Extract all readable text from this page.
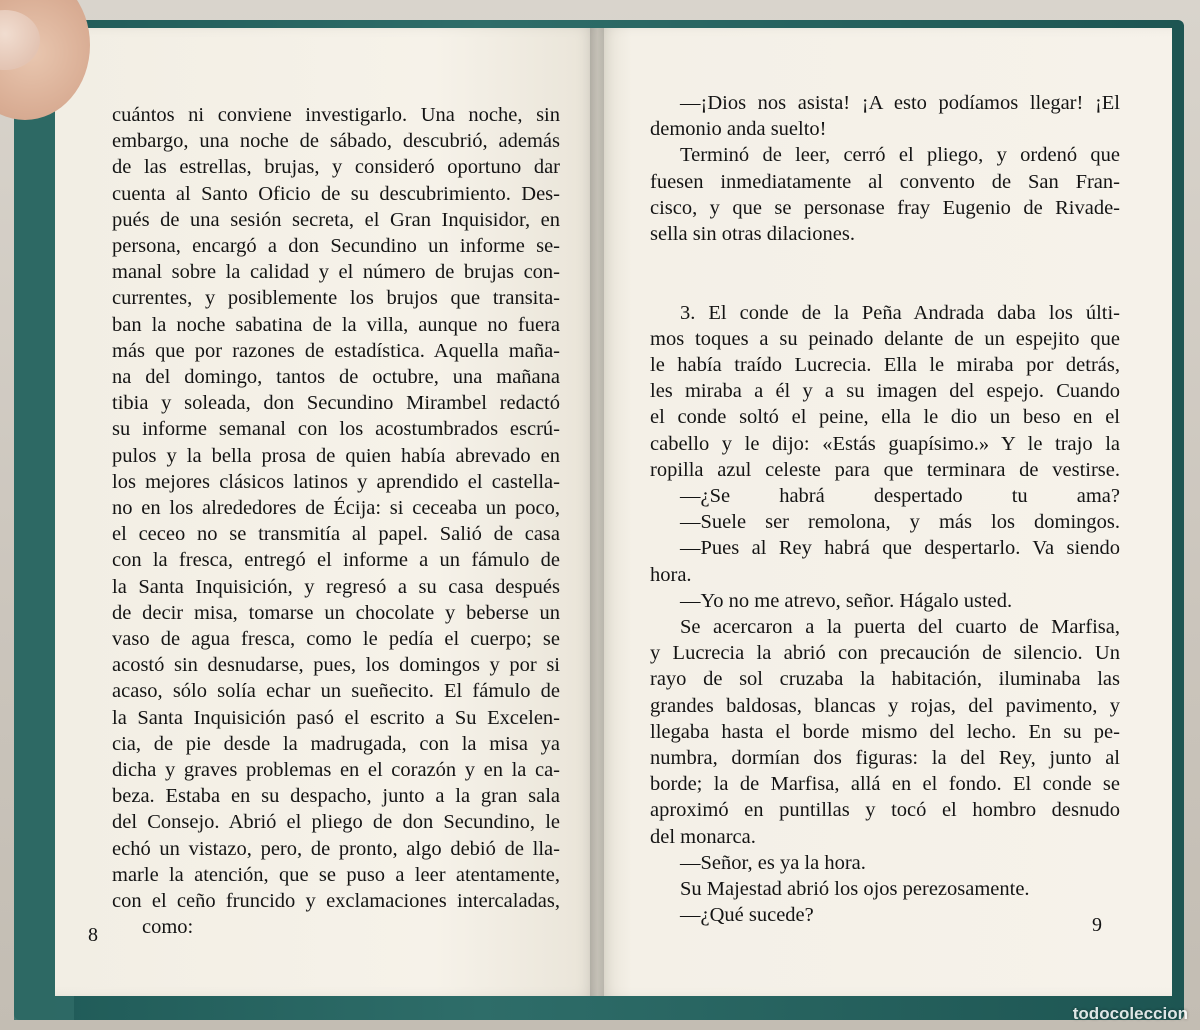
cuántos ni conviene investigarlo. Una noche, sin
embargo, una noche de sábado, descubrió, además
de las estrellas, brujas, y consideró oportuno dar
cuenta al Santo Oficio de su descubrimiento. Des-
pués de una sesión secreta, el Gran Inquisidor, en
persona, encargó a don Secundino un informe se-
manal sobre la calidad y el número de brujas con-
currentes, y posiblemente los brujos que transita-
ban la noche sabatina de la villa, aunque no fuera
más que por razones de estadística. Aquella maña-
na del domingo, tantos de octubre, una mañana
tibia y soleada, don Secundino Mirambel redactó
su informe semanal con los acostumbrados escrú-
pulos y la bella prosa de quien había abrevado en
los mejores clásicos latinos y aprendido el castella-
no en los alrededores de Écija: si ceceaba un poco,
el ceceo no se transmitía al papel. Salió de casa
con la fresca, entregó el informe a un fámulo de
la Santa Inquisición, y regresó a su casa después
de decir misa, tomarse un chocolate y beberse un
vaso de agua fresca, como le pedía el cuerpo; se
acostó sin desnudarse, pues, los domingos y por si
acaso, sólo solía echar un sueñecito. El fámulo de
la Santa Inquisición pasó el escrito a Su Excelen-
cia, de pie desde la madrugada, con la misa ya
dicha y graves problemas en el corazón y en la ca-
beza. Estaba en su despacho, junto a la gran sala
del Consejo. Abrió el pliego de don Secundino, le
echó un vistazo, pero, de pronto, algo debió de lla-
marle la atención, que se puso a leer atentamente,
con el ceño fruncido y exclamaciones intercaladas,
como:
—¡Dios nos asista! ¡A esto podíamos llegar! ¡El
demonio anda suelto!
Terminó de leer, cerró el pliego, y ordenó que
fuesen inmediatamente al convento de San Fran-
cisco, y que se personase fray Eugenio de Rivade-
sella sin otras dilaciones.

3. El conde de la Peña Andrada daba los últi-
mos toques a su peinado delante de un espejito que
le había traído Lucrecia. Ella le miraba por detrás,
les miraba a él y a su imagen del espejo. Cuando
el conde soltó el peine, ella le dio un beso en el
cabello y le dijo: «Estás guapísimo.» Y le trajo la
ropilla azul celeste para que terminara de vestirse.
—¿Se habrá despertado tu ama?
—Suele ser remolona, y más los domingos.
—Pues al Rey habrá que despertarlo. Va siendo
hora.
—Yo no me atrevo, señor. Hágalo usted.
Se acercaron a la puerta del cuarto de Marfisa,
y Lucrecia la abrió con precaución de silencio. Un
rayo de sol cruzaba la habitación, iluminaba las
grandes baldosas, blancas y rojas, del pavimento, y
llegaba hasta el borde mismo del lecho. En su pe-
numbra, dormían dos figuras: la del Rey, junto al
borde; la de Marfisa, allá en el fondo. El conde se
aproximó en puntillas y tocó el hombro desnudo
del monarca.
—Señor, es ya la hora.
Su Majestad abrió los ojos perezosamente.
—¿Qué sucede?
8	9
todocoleccion
